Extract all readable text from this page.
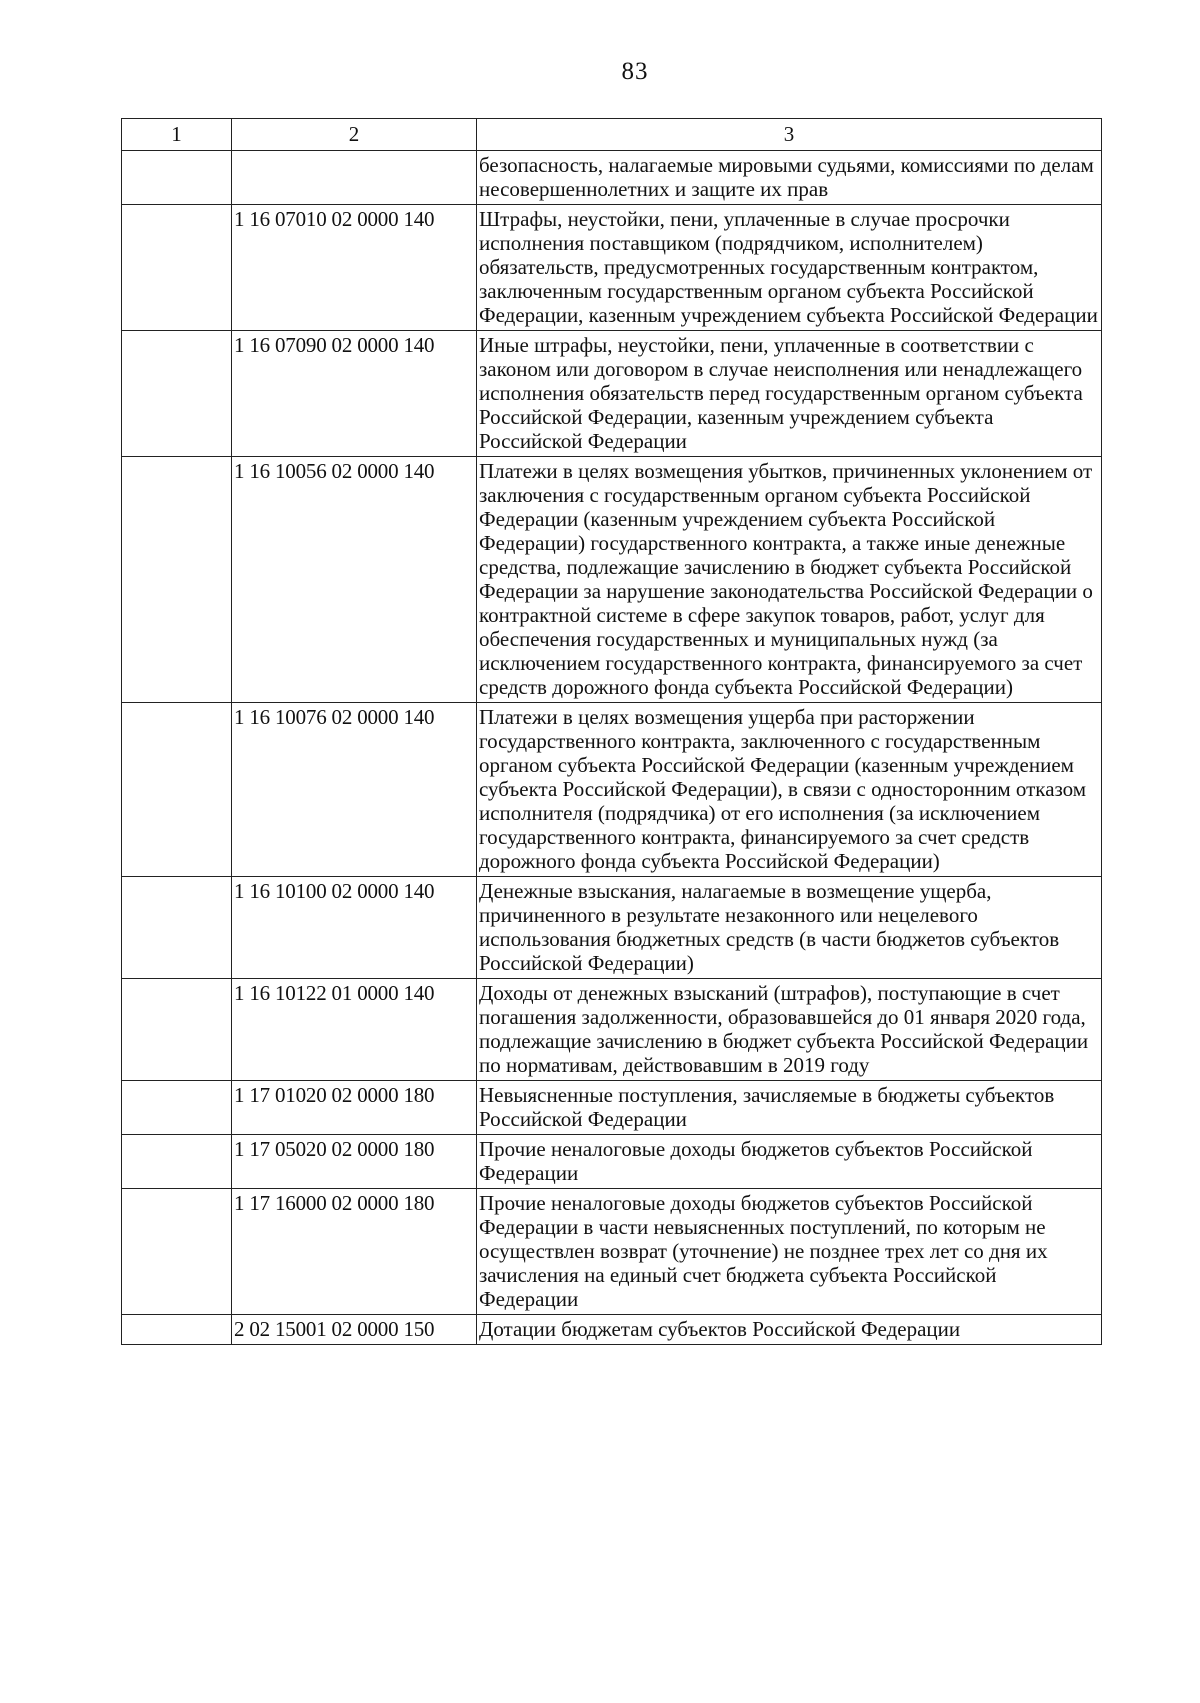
83
1	2	3
		безопасность, налагаемые мировыми судьями, комиссиями по делам несовершеннолетних и защите их прав
	1 16 07010 02 0000 140	Штрафы, неустойки, пени, уплаченные в случае просрочки исполнения поставщиком (подрядчиком, исполнителем) обязательств, предусмотренных государственным контрактом, заключенным государственным органом субъекта Российской Федерации, казенным учреждением субъекта Российской Федерации
	1 16 07090 02 0000 140	Иные штрафы, неустойки, пени, уплаченные в соответствии с законом или договором в случае неисполнения или ненадлежащего исполнения обязательств перед государственным органом субъекта Российской Федерации, казенным учреждением субъекта Российской Федерации
	1 16 10056 02 0000 140	Платежи в целях возмещения убытков, причиненных уклонением от заключения с государственным органом субъекта Российской Федерации (казенным учреждением субъекта Российской Федерации) государственного контракта, а также иные денежные средства, подлежащие зачислению в бюджет субъекта Российской Федерации за нарушение законодательства Российской Федерации о контрактной системе в сфере закупок товаров, работ, услуг для обеспечения государственных и муниципальных нужд (за исключением государственного контракта, финансируемого за счет средств дорожного фонда субъекта Российской Федерации)
	1 16 10076 02 0000 140	Платежи в целях возмещения ущерба при расторжении государственного контракта, заключенного с государственным органом субъекта Российской Федерации (казенным учреждением субъекта Российской Федерации), в связи с односторонним отказом исполнителя (подрядчика) от его исполнения (за исключением государственного контракта, финансируемого за счет средств дорожного фонда субъекта Российской Федерации)
	1 16 10100 02 0000 140	Денежные взыскания, налагаемые в возмещение ущерба, причиненного в результате незаконного или нецелевого использования бюджетных средств (в части бюджетов субъектов Российской Федерации)
	1 16 10122 01 0000 140	Доходы от денежных взысканий (штрафов), поступающие в счет погашения задолженности, образовавшейся до 01 января 2020 года, подлежащие зачислению в бюджет субъекта Российской Федерации по нормативам, действовавшим в 2019 году
	1 17 01020 02 0000 180	Невыясненные поступления, зачисляемые в бюджеты субъектов Российской Федерации
	1 17 05020 02 0000 180	Прочие неналоговые доходы бюджетов субъектов Российской Федерации
	1 17 16000 02 0000 180	Прочие неналоговые доходы бюджетов субъектов Российской Федерации в части невыясненных поступлений, по которым не осуществлен возврат (уточнение) не позднее трех лет со дня их зачисления на единый счет бюджета субъекта Российской Федерации
	2 02 15001 02 0000 150	Дотации бюджетам субъектов Российской Федерации
